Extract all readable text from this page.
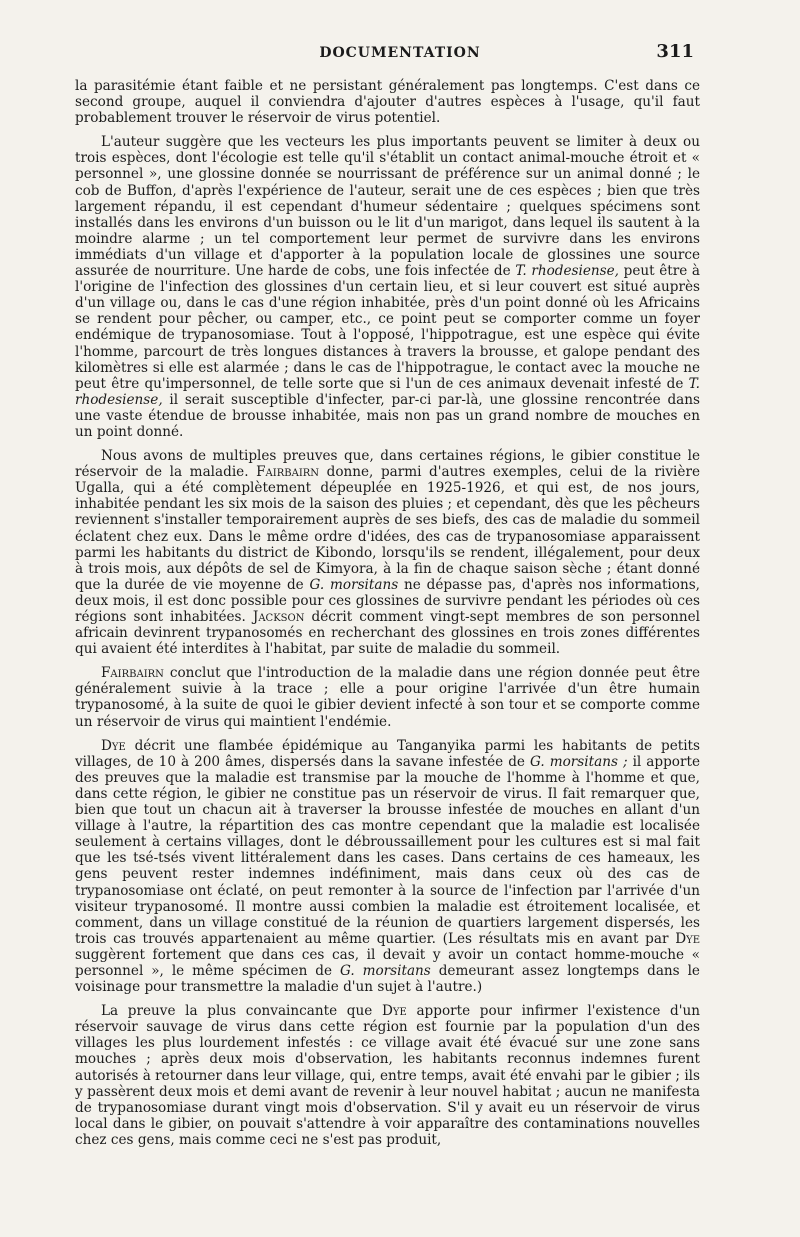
DOCUMENTATION	311

la parasitémie étant faible et ne persistant généralement pas longtemps. C'est dans ce second groupe, auquel il conviendra d'ajouter d'autres espèces à l'usage, qu'il faut probablement trouver le réservoir de virus potentiel.

L'auteur suggère que les vecteurs les plus importants peuvent se limiter à deux ou trois espèces, dont l'écologie est telle qu'il s'établit un contact animal-mouche étroit et « personnel », une glossine donnée se nourrissant de préférence sur un animal donné ; le cob de Buffon, d'après l'expérience de l'auteur, serait une de ces espèces ; bien que très largement répandu, il est cependant d'humeur sédentaire ; quelques spécimens sont installés dans les environs d'un buisson ou le lit d'un marigot, dans lequel ils sautent à la moindre alarme ; un tel comportement leur permet de survivre dans les environs immédiats d'un village et d'apporter à la population locale de glossines une source assurée de nourriture. Une harde de cobs, une fois infectée de T. rhodesiense, peut être à l'origine de l'infection des glossines d'un certain lieu, et si leur couvert est situé auprès d'un village ou, dans le cas d'une région inhabitée, près d'un point donné où les Africains se rendent pour pêcher, ou camper, etc., ce point peut se comporter comme un foyer endémique de trypanosomiase. Tout à l'opposé, l'hippotrague, est une espèce qui évite l'homme, parcourt de très longues distances à travers la brousse, et galope pendant des kilomètres si elle est alarmée ; dans le cas de l'hippotrague, le contact avec la mouche ne peut être qu'impersonnel, de telle sorte que si l'un de ces animaux devenait infesté de T. rhodesiense, il serait susceptible d'infecter, par-ci par-là, une glossine rencontrée dans une vaste étendue de brousse inhabitée, mais non pas un grand nombre de mouches en un point donné.

Nous avons de multiples preuves que, dans certaines régions, le gibier constitue le réservoir de la maladie. Fairbairn donne, parmi d'autres exemples, celui de la rivière Ugalla, qui a été complètement dépeuplée en 1925-1926, et qui est, de nos jours, inhabitée pendant les six mois de la saison des pluies ; et cependant, dès que les pêcheurs reviennent s'installer temporairement auprès de ses biefs, des cas de maladie du sommeil éclatent chez eux. Dans le même ordre d'idées, des cas de trypanosomiase apparaissent parmi les habitants du district de Kibondo, lorsqu'ils se rendent, illégalement, pour deux à trois mois, aux dépôts de sel de Kimyora, à la fin de chaque saison sèche ; étant donné que la durée de vie moyenne de G. morsitans ne dépasse pas, d'après nos informations, deux mois, il est donc possible pour ces glossines de survivre pendant les périodes où ces régions sont inhabitées. Jackson décrit comment vingt-sept membres de son personnel africain devinrent trypanosomés en recherchant des glossines en trois zones différentes qui avaient été interdites à l'habitat, par suite de maladie du sommeil.

Fairbairn conclut que l'introduction de la maladie dans une région donnée peut être généralement suivie à la trace ; elle a pour origine l'arrivée d'un être humain trypanosomé, à la suite de quoi le gibier devient infecté à son tour et se comporte comme un réservoir de virus qui maintient l'endémie.

Dye décrit une flambée épidémique au Tanganyika parmi les habitants de petits villages, de 10 à 200 âmes, dispersés dans la savane infestée de G. morsitans ; il apporte des preuves que la maladie est transmise par la mouche de l'homme à l'homme et que, dans cette région, le gibier ne constitue pas un réservoir de virus. Il fait remarquer que, bien que tout un chacun ait à traverser la brousse infestée de mouches en allant d'un village à l'autre, la répartition des cas montre cependant que la maladie est localisée seulement à certains villages, dont le débroussaillement pour les cultures est si mal fait que les tsé-tsés vivent littéralement dans les cases. Dans certains de ces hameaux, les gens peuvent rester indemnes indéfiniment, mais dans ceux où des cas de trypanosomiase ont éclaté, on peut remonter à la source de l'infection par l'arrivée d'un visiteur trypanosomé. Il montre aussi combien la maladie est étroitement localisée, et comment, dans un village constitué de la réunion de quartiers largement dispersés, les trois cas trouvés appartenaient au même quartier. (Les résultats mis en avant par Dye suggèrent fortement que dans ces cas, il devait y avoir un contact homme-mouche « personnel », le même spécimen de G. morsitans demeurant assez longtemps dans le voisinage pour transmettre la maladie d'un sujet à l'autre.)

La preuve la plus convaincante que Dye apporte pour infirmer l'existence d'un réservoir sauvage de virus dans cette région est fournie par la population d'un des villages les plus lourdement infestés : ce village avait été évacué sur une zone sans mouches ; après deux mois d'observation, les habitants reconnus indemnes furent autorisés à retourner dans leur village, qui, entre temps, avait été envahi par le gibier ; ils y passèrent deux mois et demi avant de revenir à leur nouvel habitat ; aucun ne manifesta de trypanosomiase durant vingt mois d'observation. S'il y avait eu un réservoir de virus local dans le gibier, on pouvait s'attendre à voir apparaître des contaminations nouvelles chez ces gens, mais comme ceci ne s'est pas produit,
